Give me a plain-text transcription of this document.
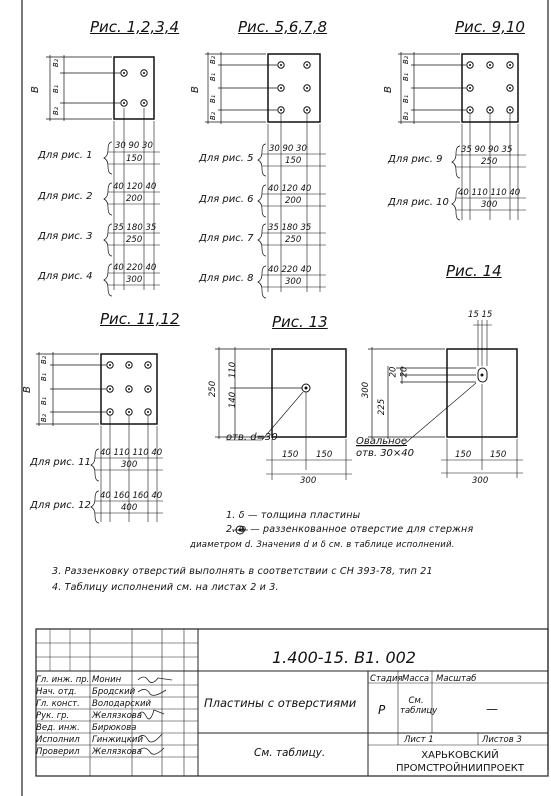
Рис. 1,2,3,4	Рис. 5,6,7,8	Рис. 9,10
Рис. 11,12	Рис. 13
Рис. 14
В
в₂
в₁
в₂
В
в₂
в₁
в₁
в₂
В
в₂
в₁
в₁
в₂
В
в₂
в₁
в₁
в₂
Для рис. 1
30 90 30
150
Для рис. 2
40 120 40
200
Для рис. 3
35 180 35
250
Для рис. 4
40 220 40
300
Для рис. 5
30 90 30
150
Для рис. 6
40 120 40
200
Для рис. 7
35 180 35
250
Для рис. 8
40 220 40
300
Для рис. 9
35 90 90 35
250
Для рис. 10
40 110 110 40
300
Для рис. 11
40 110 110 40
300
Для рис. 12
40 160 160 40
400
250
140
110
отв. d=30
150 150
300
15 15
300
225
20 20
Овальное
отв. 30×40	150 150
300
1. δ — толщина пластины
2. ⊕ — раззенкованное отверстие для стержня
диаметром d. Значения d и δ см. в таблице исполнений.
3. Раззенковку отверстий выполнять в соответствии с СН 393-78, тип 21
4. Таблицу исполнений см. на листах 2 и 3.
1.400-15. В1. 002
Пластины с отверстиями
См. таблицу.	ХАРЬКОВСКИЙ ПРОМСТРОЙНИИПРОЕКТ
Стадия Масса Масштаб
Р
См. таблицу	—
Лист 1	Листов 3
Гл. инж. пр. Монин
Нач. отд. Бродский
Гл. конст. Володарский
Рук. гр.	Желязкова
Вед. инж. Бирюкова
Исполнил Гинжицкий
Проверил Желязкова
